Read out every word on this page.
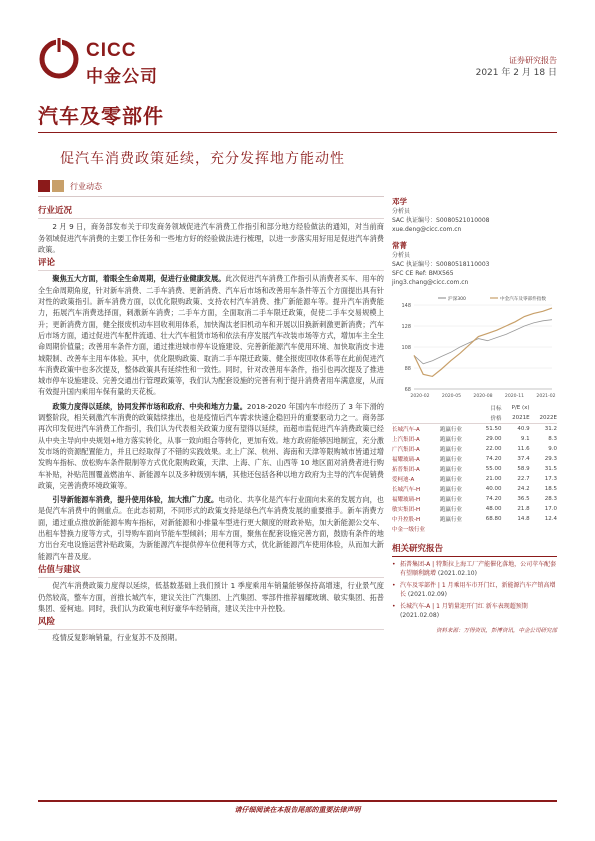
CICC
中金公司
证券研究报告
2021 年 2 月 18 日
汽车及零部件
促汽车消费政策延续，充分发挥地方能动性
行业动态
行业近况

2 月 9 日，商务部发布关于印发商务领域促进汽车消费工作指引和部分地方经验做法的通知，对当前商务领域促进汽车消费的主要工作任务和一些地方好的经验做法进行梳理，以进一步落实用好用足促进汽车消费政策。

评论

聚焦五大方面，着眼全生命周期，促进行业健康发展。此次促进汽车消费工作指引从消费者买车、用车的全生命周期角度，针对新车消费、二手车消费、更新消费、汽车后市场和改善用车条件等五个方面提出具有针对性的政策指引。新车消费方面，以优化限购政策、支持农村汽车消费、推广新能源车等。提升汽车消费能力，拓展汽车消费选择面，刺激新车消费；二手车方面，全面取消二手车限迁政策，促使二手车交易规模上升；更新消费方面，健全报废机动车回收利用体系，加快淘汰老旧机动车和开展以旧换新刺激更新消费；汽车后市场方面，通过促进汽车配件流通、壮大汽车租赁市场和依法有序发展汽车改装市场等方式，增加车主全生命周期价值量；改善用车条件方面，通过推进城市停车设施建设、完善新能源汽车使用环境、加快取消皮卡进城限制、改善车主用车体验。其中，优化限购政策、取消二手车限迁政策、健全报废回收体系等在此前促进汽车消费政策中也多次提及，整体政策具有延续性和一致性。同时，针对改善用车条件，指引也再次提及了推进城市停车设施建设、完善交通出行管理政策等，我们认为配套设施的完善有利于提升消费者用车满意度，从而有效提升国内乘用车保有量的天花板。

政策力度得以延续，协同发挥市场和政府、中央和地方力量。2018-2020 年国内车市经历了 3 年下滑的调整阶段，相关刺激汽车消费的政策陆续推出，也是疫情后汽车需求快速企稳回升的重要驱动力之一。商务部再次印发促进汽车消费工作指引，我们认为代表相关政策力度有望得以延续，而超市监促进汽车消费政策已经从中央主导向中央规划+地方落实转化，从事一致向组合等转化，更加有效。地方政府能够因地制宜，充分激发市场的资源配置能力，并且已经取得了不错的实践效果。北上广深、杭州、海南和天津等限购城市皆通过增发购车指标、放松购车条件限制等方式优化限购政策，天津、上海、广东、山西等 10 地区面对消费者进行购车补贴，补贴范围覆盖燃油车、新能源车以及多种级别车辆，其他还包括各种以地方政府为主导的汽车促销费政策，完善消费环境政策等。

引导新能源车消费，提升使用体验，加大推广力度。电动化、共享化是汽车行业面向未来的发展方向，也是促汽车消费中的侧重点。在此态初期，不同形式的政策支持是绿色汽车消费发展的重要推手。新车消费方面，通过重点推放新能源车购车指标，对新能源和小排量车型进行更大额度的财政补贴，加大新能源公交车、出租车替换力度等方式，引导购车面向节能车型倾斜；用车方面，聚焦在配套设施完善方面，鼓励有条件的地方出台充电设施运营补贴政策，为新能源汽车提供停车位便利等方式，优化新能源汽车使用体验，从而加大新能源汽车普及度。

估值与建议

促汽车消费政策力度得以延续，低基数基础上我们预计 1 季度乘用车销量能够保持高增速，行业景气度仍然较高，整车方面，首推长城汽车，建议关注广汽集团、上汽集团、零部件推荐福耀玻璃、敏实集团、拓普集团、爱柯迪。同时，我们认为政策电利好豪华车经销商，建议关注中升控股。

风险

疫情反复影响销量，行业复苏不及预期。

邓学
分析员
SAC 执证编号：S0080521010008
xue.deng@cicc.com.cn
常菁
分析员
SAC 执证编号：S0080518110003
SFC CE Ref: BMX565
jing3.chang@cicc.com.cn
148
128
108
88
68
2020-02	2020-05	2020-08	2020-11	2021-02
沪深300	中金汽车及零部件指数
		目标	P/E (x)	
		价格	2021E	2022E
长城汽车-A	跑赢行业	51.50	40.9	31.2
上汽集团-A	跑赢行业	29.00	9.1	8.3
广汽集团-A	跑赢行业	22.00	11.6	9.0
福耀玻璃-A	跑赢行业	74.20	37.4	29.3
拓普集团-A	跑赢行业	55.00	58.9	31.5
爱柯迪-A	跑赢行业	21.00	22.7	17.3
长城汽车-H	跑赢行业	40.00	24.2	18.5
福耀玻璃-H	跑赢行业	74.20	36.5	28.3
敏实集团-H	跑赢行业	48.00	21.8	17.0
中升控股-H	跑赢行业	68.80	14.8	12.4
中金一级行业				
相关研究报告
• 拓普集团-A | 特斯拉上海工厂产能催化落地，公司苹车配套有望顺利跳增 (2021.02.10)
• 汽车及零部件 | 1 月乘用车市开门红，新能源汽车产销高增长 (2021.02.09)
• 长城汽车-A | 1 月销量迎开门红 新车表现超预期 (2021.02.08)
资料来源：万得资讯，彭博资讯，中金公司研究部
请仔细阅读在本报告尾部的重要法律声明
